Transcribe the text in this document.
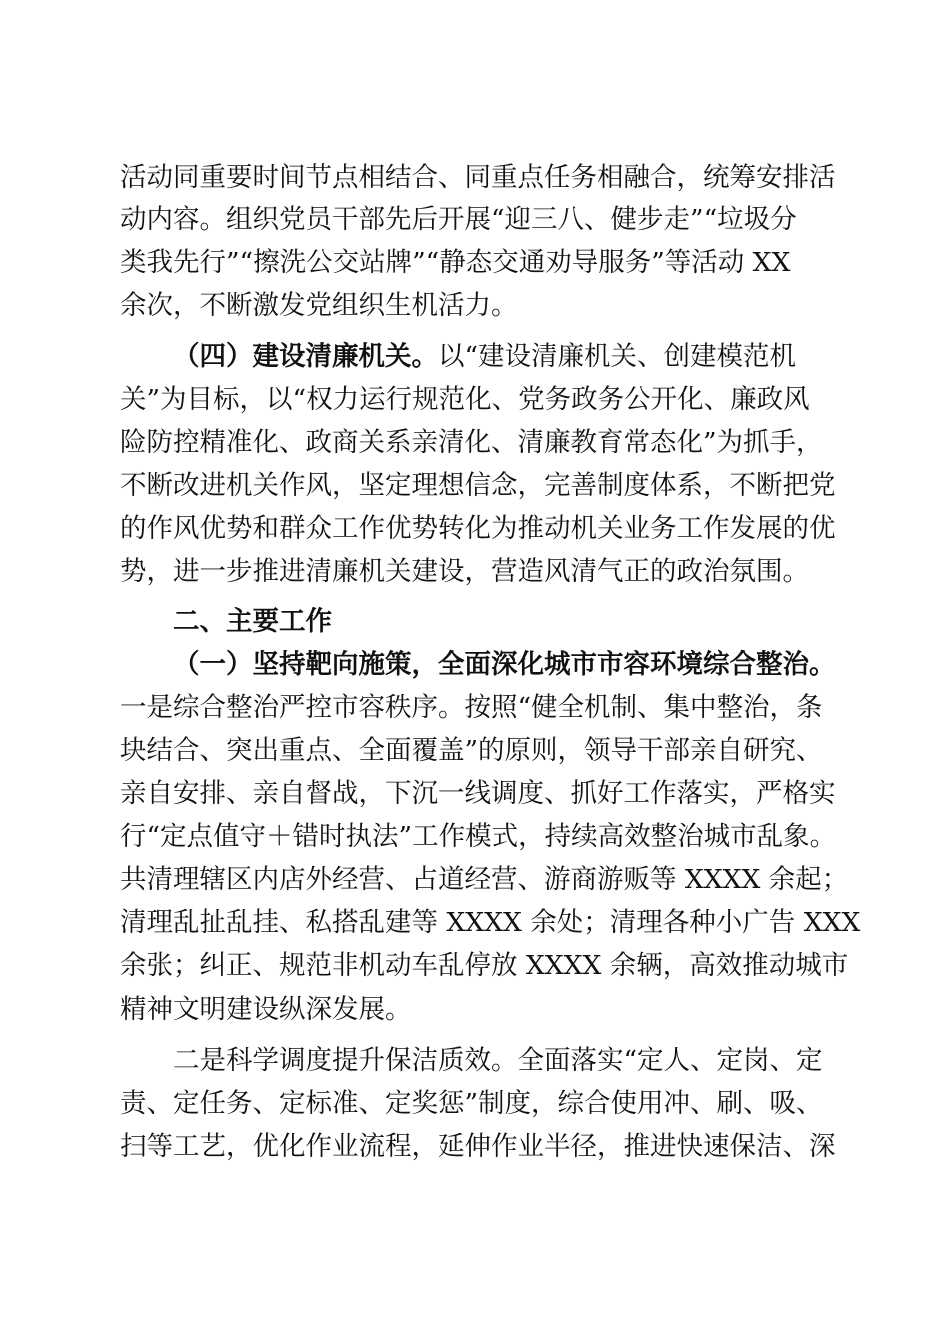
活动同重要时间节点相结合、同重点任务相融合，统筹安排活
动内容。组织党员干部先后开展“迎三八、健步走”“垃圾分
类我先行”“擦洗公交站牌”“静态交通劝导服务”等活动 XX
余次，不断激发党组织生机活力。
（四）建设清廉机关。以“建设清廉机关、创建模范机
关”为目标，以“权力运行规范化、党务政务公开化、廉政风
险防控精准化、政商关系亲清化、清廉教育常态化”为抓手，
不断改进机关作风，坚定理想信念，完善制度体系，不断把党
的作风优势和群众工作优势转化为推动机关业务工作发展的优
势，进一步推进清廉机关建设，营造风清气正的政治氛围。
二、主要工作
（一）坚持靶向施策，全面深化城市市容环境综合整治。
一是综合整治严控市容秩序。按照“健全机制、集中整治，条
块结合、突出重点、全面覆盖”的原则，领导干部亲自研究、
亲自安排、亲自督战，下沉一线调度、抓好工作落实，严格实
行“定点值守＋错时执法”工作模式，持续高效整治城市乱象。
共清理辖区内店外经营、占道经营、游商游贩等 XXXX 余起；
清理乱扯乱挂、私搭乱建等 XXXX 余处；清理各种小广告 XXX
余张；纠正、规范非机动车乱停放 XXXX 余辆，高效推动城市
精神文明建设纵深发展。
二是科学调度提升保洁质效。全面落实“定人、定岗、定
责、定任务、定标准、定奖惩”制度，综合使用冲、刷、吸、
扫等工艺，优化作业流程，延伸作业半径，推进快速保洁、深
